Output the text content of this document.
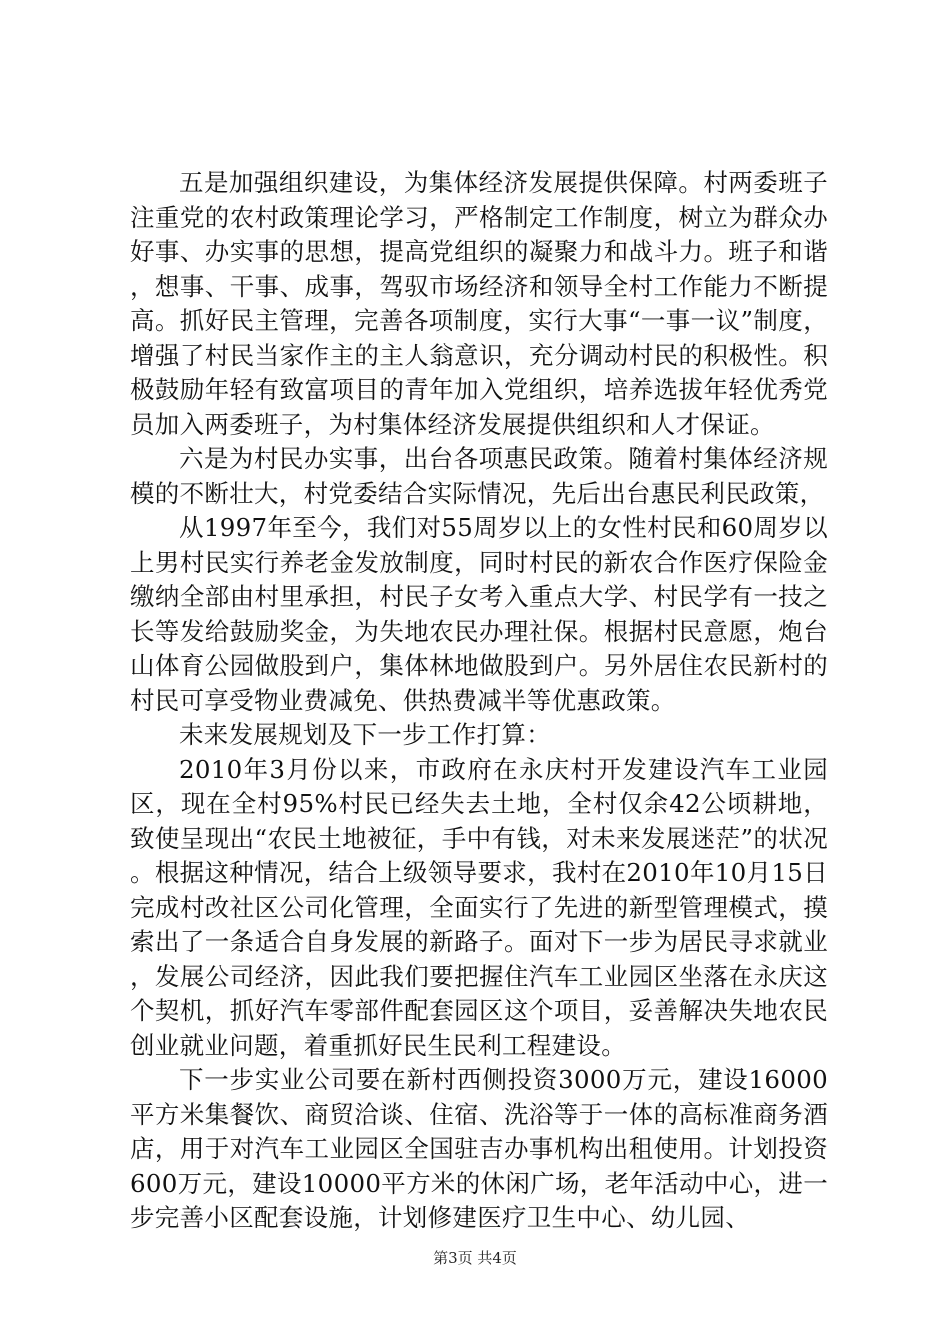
五是加强组织建设，为集体经济发展提供保障。村两委班子注重党的农村政策理论学习，严格制定工作制度，树立为群众办好事、办实事的思想，提高党组织的凝聚力和战斗力。班子和谐，想事、干事、成事，驾驭市场经济和领导全村工作能力不断提高。抓好民主管理，完善各项制度，实行大事“一事一议”制度，增强了村民当家作主的主人翁意识，充分调动村民的积极性。积极鼓励年轻有致富项目的青年加入党组织，培养选拔年轻优秀党员加入两委班子，为村集体经济发展提供组织和人才保证。

六是为村民办实事，出台各项惠民政策。随着村集体经济规模的不断壮大，村党委结合实际情况，先后出台惠民利民政策，

从1997年至今，我们对55周岁以上的女性村民和60周岁以上男村民实行养老金发放制度，同时村民的新农合作医疗保险金缴纳全部由村里承担，村民子女考入重点大学、村民学有一技之长等发给鼓励奖金，为失地农民办理社保。根据村民意愿，炮台山体育公园做股到户，集体林地做股到户。另外居住农民新村的村民可享受物业费减免、供热费减半等优惠政策。

未来发展规划及下一步工作打算：

2010年3月份以来，市政府在永庆村开发建设汽车工业园区，现在全村95%村民已经失去土地，全村仅余42公顷耕地，致使呈现出“农民土地被征，手中有钱，对未来发展迷茫”的状况。根据这种情况，结合上级领导要求，我村在2010年10月15日完成村改社区公司化管理，全面实行了先进的新型管理模式，摸索出了一条适合自身发展的新路子。面对下一步为居民寻求就业，发展公司经济，因此我们要把握住汽车工业园区坐落在永庆这个契机，抓好汽车零部件配套园区这个项目，妥善解决失地农民创业就业问题，着重抓好民生民利工程建设。

下一步实业公司要在新村西侧投资3000万元，建设16000平方米集餐饮、商贸洽谈、住宿、洗浴等于一体的高标准商务酒店，用于对汽车工业园区全国驻吉办事机构出租使用。计划投资600万元，建设10000平方米的休闲广场，老年活动中心，进一步完善小区配套设施，计划修建医疗卫生中心、幼儿园、

第3页 共4页
